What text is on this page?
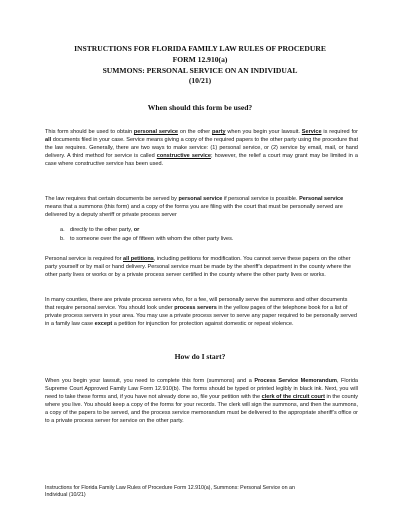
INSTRUCTIONS FOR FLORIDA FAMILY LAW RULES OF PROCEDURE
FORM 12.910(a)
SUMMONS: PERSONAL SERVICE ON AN INDIVIDUAL
(10/21)
When should this form be used?
This form should be used to obtain personal service on the other party when you begin your lawsuit. Service is required for all documents filed in your case. Service means giving a copy of the required papers to the other party using the procedure that the law requires. Generally, there are two ways to make service: (1) personal service, or (2) service by email, mail, or hand delivery. A third method for service is called constructive service; however, the relief a court may grant may be limited in a case where constructive service has been used.
The law requires that certain documents be served by personal service if personal service is possible. Personal service means that a summons (this form) and a copy of the forms you are filing with the court that must be personally served are delivered by a deputy sheriff or private process server
a. directly to the other party, or
b. to someone over the age of fifteen with whom the other party lives.
Personal service is required for all petitions, including petitions for modification. You cannot serve these papers on the other party yourself or by mail or hand delivery. Personal service must be made by the sheriff’s department in the county where the other party lives or works or by a private process server certified in the county where the other party lives or works.
In many counties, there are private process servers who, for a fee, will personally serve the summons and other documents that require personal service. You should look under process servers in the yellow pages of the telephone book for a list of private process servers in your area. You may use a private process server to serve any paper required to be personally served in a family law case except a petition for injunction for protection against domestic or repeat violence.
How do I start?
When you begin your lawsuit, you need to complete this form (summons) and a Process Service Memorandum, Florida Supreme Court Approved Family Law Form 12.910(b). The forms should be typed or printed legibly in black ink. Next, you will need to take these forms and, if you have not already done so, file your petition with the clerk of the circuit court in the county where you live. You should keep a copy of the forms for your records. The clerk will sign the summons, and then the summons, a copy of the papers to be served, and the process service memorandum must be delivered to the appropriate sheriff’s office or to a private process server for service on the other party.
Instructions for Florida Family Law Rules of Procedure Form 12.910(a), Summons: Personal Service on an
Individual (10/21)
